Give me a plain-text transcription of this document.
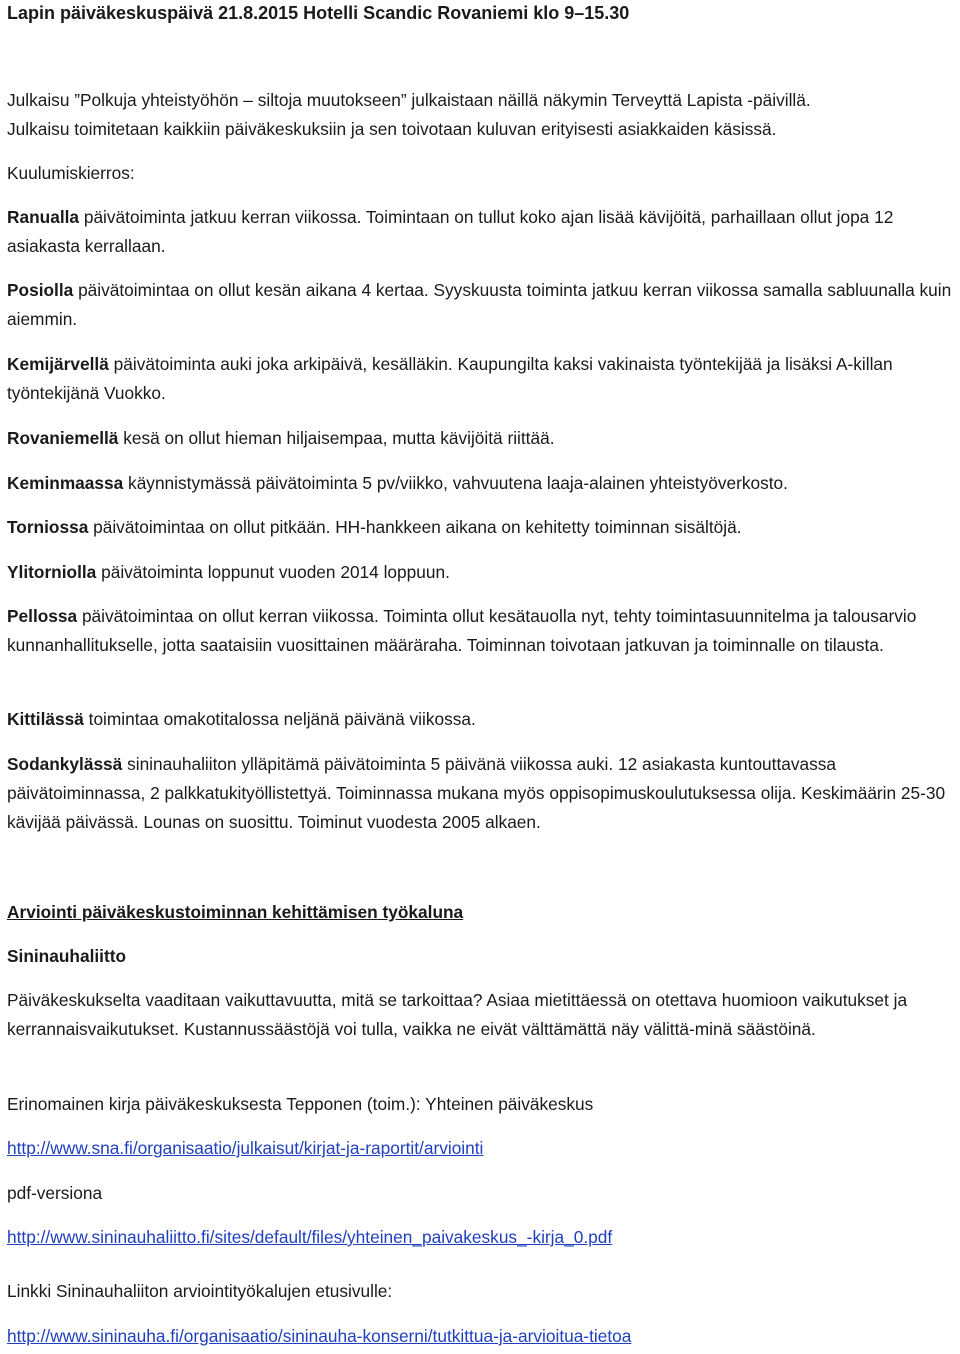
Lapin päiväkeskuspäivä 21.8.2015 Hotelli Scandic Rovaniemi klo 9–15.30
Julkaisu ”Polkuja yhteistyöhön – siltoja muutokseen” julkaistaan näillä näkymin Terveyttä Lapista -päivillä.
Julkaisu toimitetaan kaikkiin päiväkeskuksiin ja sen toivotaan kuluvan erityisesti asiakkaiden käsissä.
Kuulumiskierros:

Ranualla päivätoiminta jatkuu kerran viikossa. Toimintaan on tullut koko ajan lisää kävijöitä, parhaillaan ollut jopa 12 asiakasta kerrallaan.

Posiolla päivätoimintaa on ollut kesän aikana 4 kertaa. Syyskuusta toiminta jatkuu kerran viikossa samalla sabluunalla kuin aiemmin.

Kemijärvellä päivätoiminta auki joka arkipäivä, kesälläkin. Kaupungilta kaksi vakinaista työntekijää ja lisäksi A-killan työntekijänä Vuokko.

Rovaniemellä kesä on ollut hieman hiljaisempaa, mutta kävijöitä riittää.

Keminmaassa käynnistymässä päivätoiminta 5 pv/viikko, vahvuutena laaja-alainen yhteistyöverkosto.

Torniossa päivätoimintaa on ollut pitkään. HH-hankkeen aikana on kehitetty toiminnan sisältöjä.

Ylitorniolla päivätoiminta loppunut vuoden 2014 loppuun.

Pellossa päivätoimintaa on ollut kerran viikossa. Toiminta ollut kesätauolla nyt, tehty toimintasuunnitelma ja talousarvio kunnanhallitukselle, jotta saataisiin vuosittainen määräraha. Toiminnan toivotaan jatkuvan ja toiminnalle on tilausta.

Kittilässä toimintaa omakotitalossa neljänä päivänä viikossa.

Sodankylässä sininauhaliiton ylläpitämä päivätoiminta 5 päivänä viikossa auki. 12 asiakasta kuntouttavassa päivätoiminnassa, 2 palkkatukityöllistettyä. Toiminnassa mukana myös oppisopimuskoulutuksessa olija. Keskimäärin 25-30 kävijää päivässä. Lounas on suosittu. Toiminut vuodesta 2005 alkaen.

Arviointi päiväkeskustoiminnan kehittämisen työkaluna
Sininauhaliitto

Päiväkeskukselta vaaditaan vaikuttavuutta, mitä se tarkoittaa? Asiaa mietittäessä on otettava huomioon vaikutukset ja kerrannaisvaikutukset. Kustannussäästöjä voi tulla, vaikka ne eivät välttämättä näy välittä-minä säästöinä.

Erinomainen kirja päiväkeskuksesta Tepponen (toim.): Yhteinen päiväkeskus
http://www.sna.fi/organisaatio/julkaisut/kirjat-ja-raportit/arviointi
pdf-versiona
http://www.sininauhaliitto.fi/sites/default/files/yhteinen_paivakeskus_-kirja_0.pdf
Linkki Sininauhaliiton arviointityökalujen etusivulle:
http://www.sininauha.fi/organisaatio/sininauha-konserni/tutkittua-ja-arvioitua-tietoa
